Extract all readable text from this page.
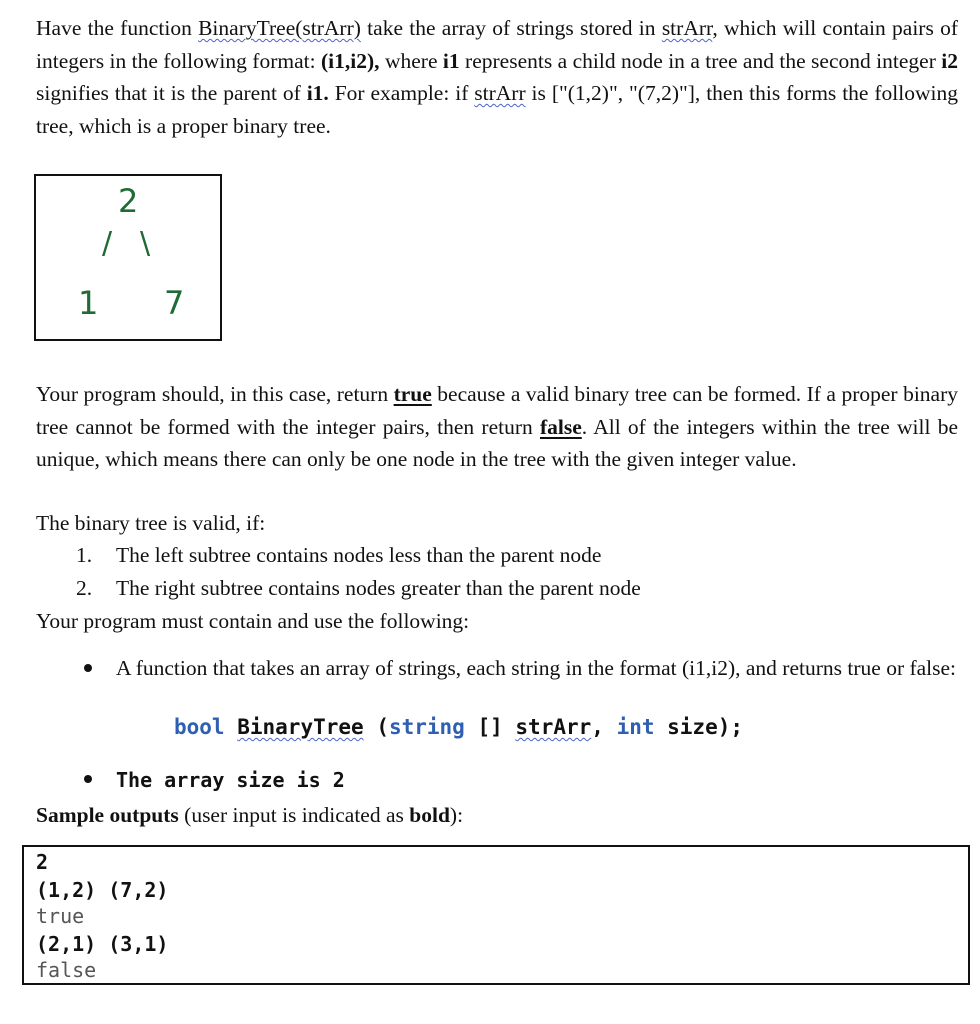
Have the function BinaryTree(strArr) take the array of strings stored in strArr, which will contain pairs of integers in the following format: (i1,i2), where i1 represents a child node in a tree and the second integer i2 signifies that it is the parent of i1. For example: if strArr is ["(1,2)", "(7,2)"], then this forms the following tree, which is a proper binary tree.
2
/ \
1 7
Your program should, in this case, return true because a valid binary tree can be formed. If a proper binary tree cannot be formed with the integer pairs, then return false. All of the integers within the tree will be unique, which means there can only be one node in the tree with the given integer value.
The binary tree is valid, if:
1. The left subtree contains nodes less than the parent node
2. The right subtree contains nodes greater than the parent node
Your program must contain and use the following:
A function that takes an array of strings, each string in the format (i1,i2), and returns true or false:
bool BinaryTree (string [] strArr, int size);
The array size is 2
Sample outputs (user input is indicated as bold):
2
(1,2) (7,2)
true
(2,1) (3,1)
false
